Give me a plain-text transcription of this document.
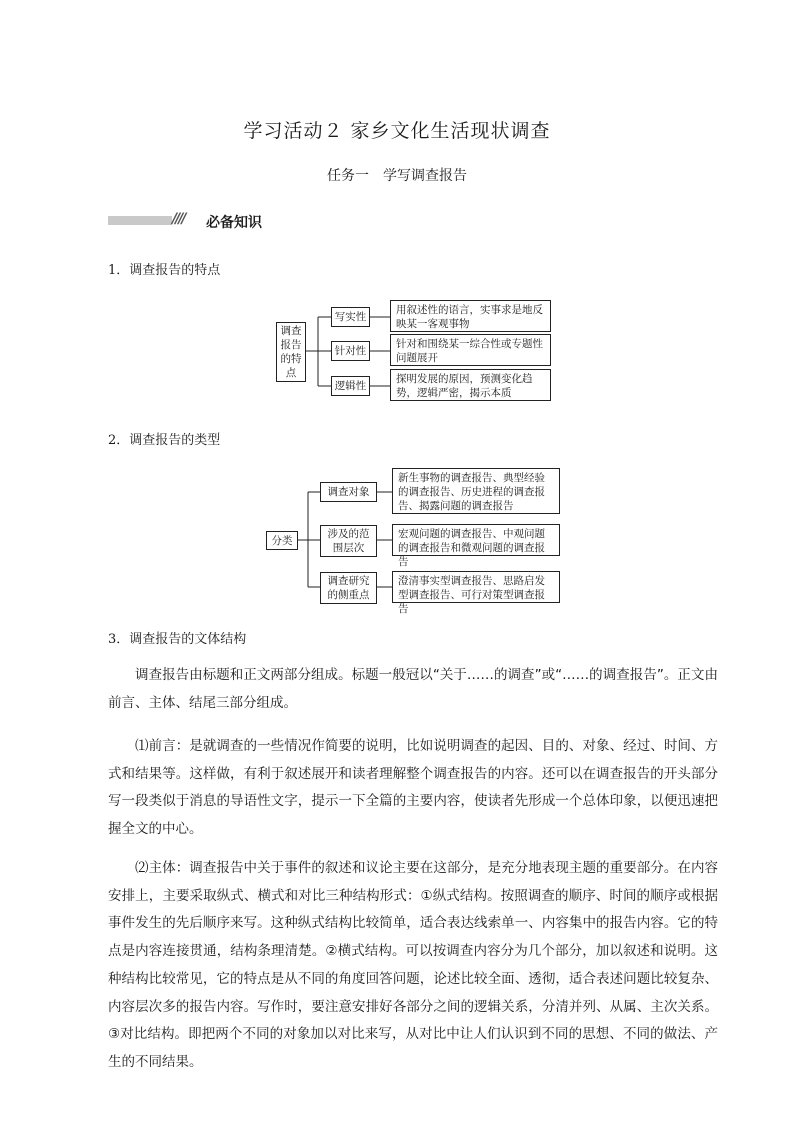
学习活动２ 家乡文化生活现状调查
任务一　学写调查报告
//// 必备知识
1．调查报告的特点
调查报告的特点
写实性
针对性
逻辑性
用叙述性的语言，实事求是地反映某一客观事物
针对和围绕某一综合性或专题性问题展开
探明发展的原因，预测变化趋势，逻辑严密，揭示本质
2．调查报告的类型
分类
调查对象
涉及的范围层次
调查研究的侧重点
新生事物的调查报告、典型经验的调查报告、历史进程的调查报告、揭露问题的调查报告
宏观问题的调查报告、中观问题的调查报告和微观问题的调查报告
澄清事实型调查报告、思路启发型调查报告、可行对策型调查报告
3．调查报告的文体结构
调查报告由标题和正文两部分组成。标题一般冠以“关于……的调查”或“……的调查报告”。正文由前言、主体、结尾三部分组成。
⑴前言：是就调查的一些情况作简要的说明，比如说明调查的起因、目的、对象、经过、时间、方式和结果等。这样做，有利于叙述展开和读者理解整个调查报告的内容。还可以在调查报告的开头部分写一段类似于消息的导语性文字，提示一下全篇的主要内容，使读者先形成一个总体印象，以便迅速把握全文的中心。
⑵主体：调查报告中关于事件的叙述和议论主要在这部分，是充分地表现主题的重要部分。在内容安排上，主要采取纵式、横式和对比三种结构形式：①纵式结构。按照调查的顺序、时间的顺序或根据事件发生的先后顺序来写。这种纵式结构比较简单，适合表达线索单一、内容集中的报告内容。它的特点是内容连接贯通，结构条理清楚。②横式结构。可以按调查内容分为几个部分，加以叙述和说明。这种结构比较常见，它的特点是从不同的角度回答问题，论述比较全面、透彻，适合表述问题比较复杂、内容层次多的报告内容。写作时，要注意安排好各部分之间的逻辑关系，分清并列、从属、主次关系。③对比结构。即把两个不同的对象加以对比来写，从对比中让人们认识到不同的思想、不同的做法、产生的不同结果。
